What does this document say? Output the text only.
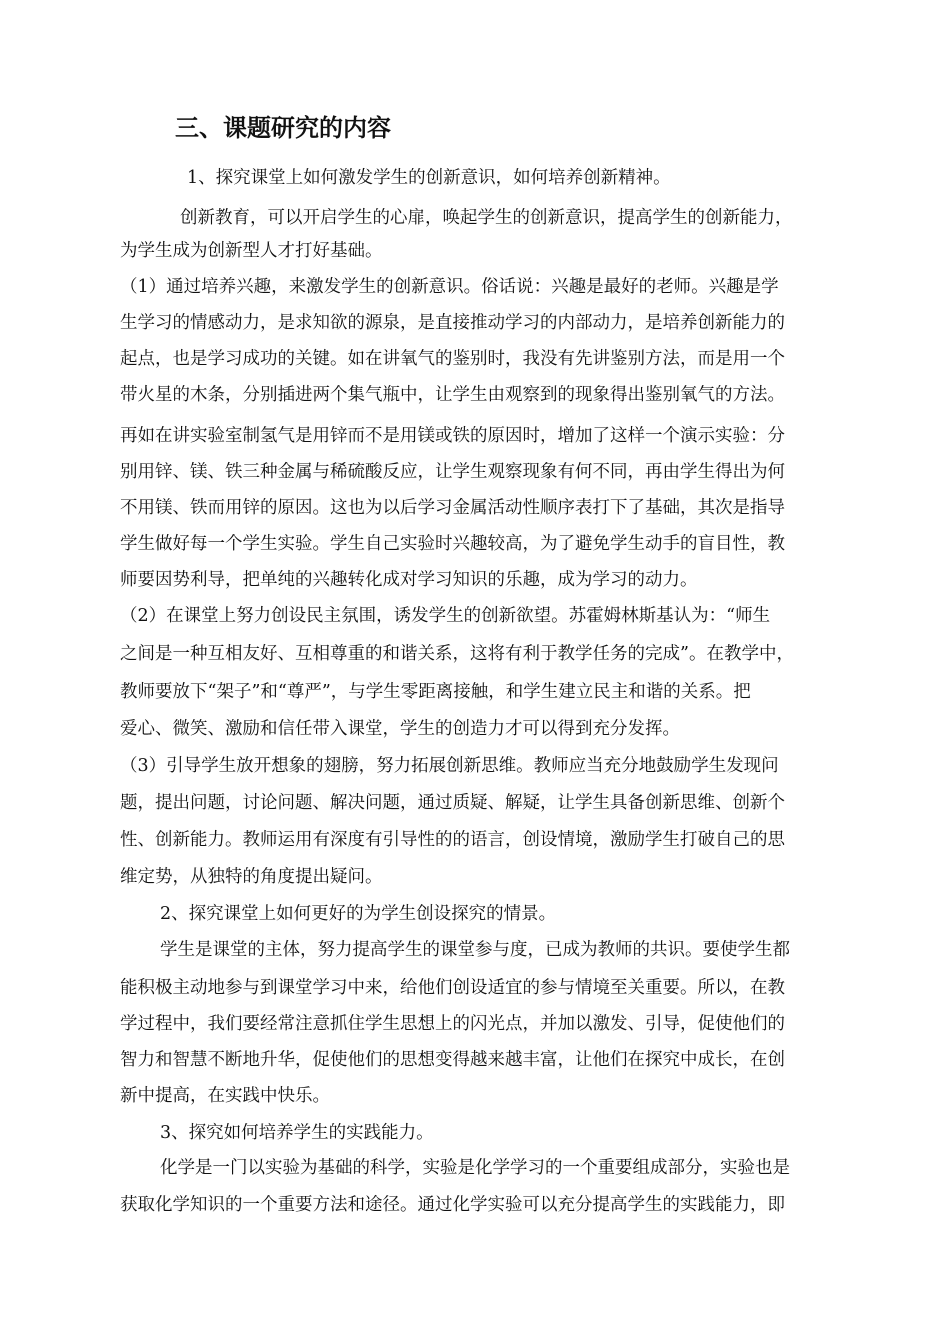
三、课题研究的内容

1、探究课堂上如何激发学生的创新意识，如何培养创新精神。

创新教育，可以开启学生的心扉，唤起学生的创新意识，提高学生的创新能力，

为学生成为创新型人才打好基础。

（1）通过培养兴趣，来激发学生的创新意识。俗话说：兴趣是最好的老师。兴趣是学

生学习的情感动力，是求知欲的源泉，是直接推动学习的内部动力，是培养创新能力的

起点，也是学习成功的关键。如在讲氧气的鉴别时，我没有先讲鉴别方法，而是用一个

带火星的木条，分别插进两个集气瓶中，让学生由观察到的现象得出鉴别氧气的方法。

再如在讲实验室制氢气是用锌而不是用镁或铁的原因时，增加了这样一个演示实验：分

别用锌、镁、铁三种金属与稀硫酸反应，让学生观察现象有何不同，再由学生得出为何

不用镁、铁而用锌的原因。这也为以后学习金属活动性顺序表打下了基础，其次是指导

学生做好每一个学生实验。学生自己实验时兴趣较高，为了避免学生动手的盲目性，教

师要因势利导，把单纯的兴趣转化成对学习知识的乐趣，成为学习的动力。

（2）在课堂上努力创设民主氛围，诱发学生的创新欲望。苏霍姆林斯基认为：“师生

之间是一种互相友好、互相尊重的和谐关系，这将有利于教学任务的完成”。在教学中，

教师要放下“架子”和“尊严”，与学生零距离接触，和学生建立民主和谐的关系。把

爱心、微笑、激励和信任带入课堂，学生的创造力才可以得到充分发挥。

（3）引导学生放开想象的翅膀，努力拓展创新思维。教师应当充分地鼓励学生发现问

题，提出问题，讨论问题、解决问题，通过质疑、解疑，让学生具备创新思维、创新个

性、创新能力。教师运用有深度有引导性的的语言，创设情境，激励学生打破自己的思

维定势，从独特的角度提出疑问。

2、探究课堂上如何更好的为学生创设探究的情景。

学生是课堂的主体，努力提高学生的课堂参与度，已成为教师的共识。要使学生都

能积极主动地参与到课堂学习中来，给他们创设适宜的参与情境至关重要。所以，在教

学过程中，我们要经常注意抓住学生思想上的闪光点，并加以激发、引导，促使他们的

智力和智慧不断地升华，促使他们的思想变得越来越丰富，让他们在探究中成长，在创

新中提高，在实践中快乐。

3、探究如何培养学生的实践能力。

化学是一门以实验为基础的科学，实验是化学学习的一个重要组成部分，实验也是

获取化学知识的一个重要方法和途径。通过化学实验可以充分提高学生的实践能力，即
